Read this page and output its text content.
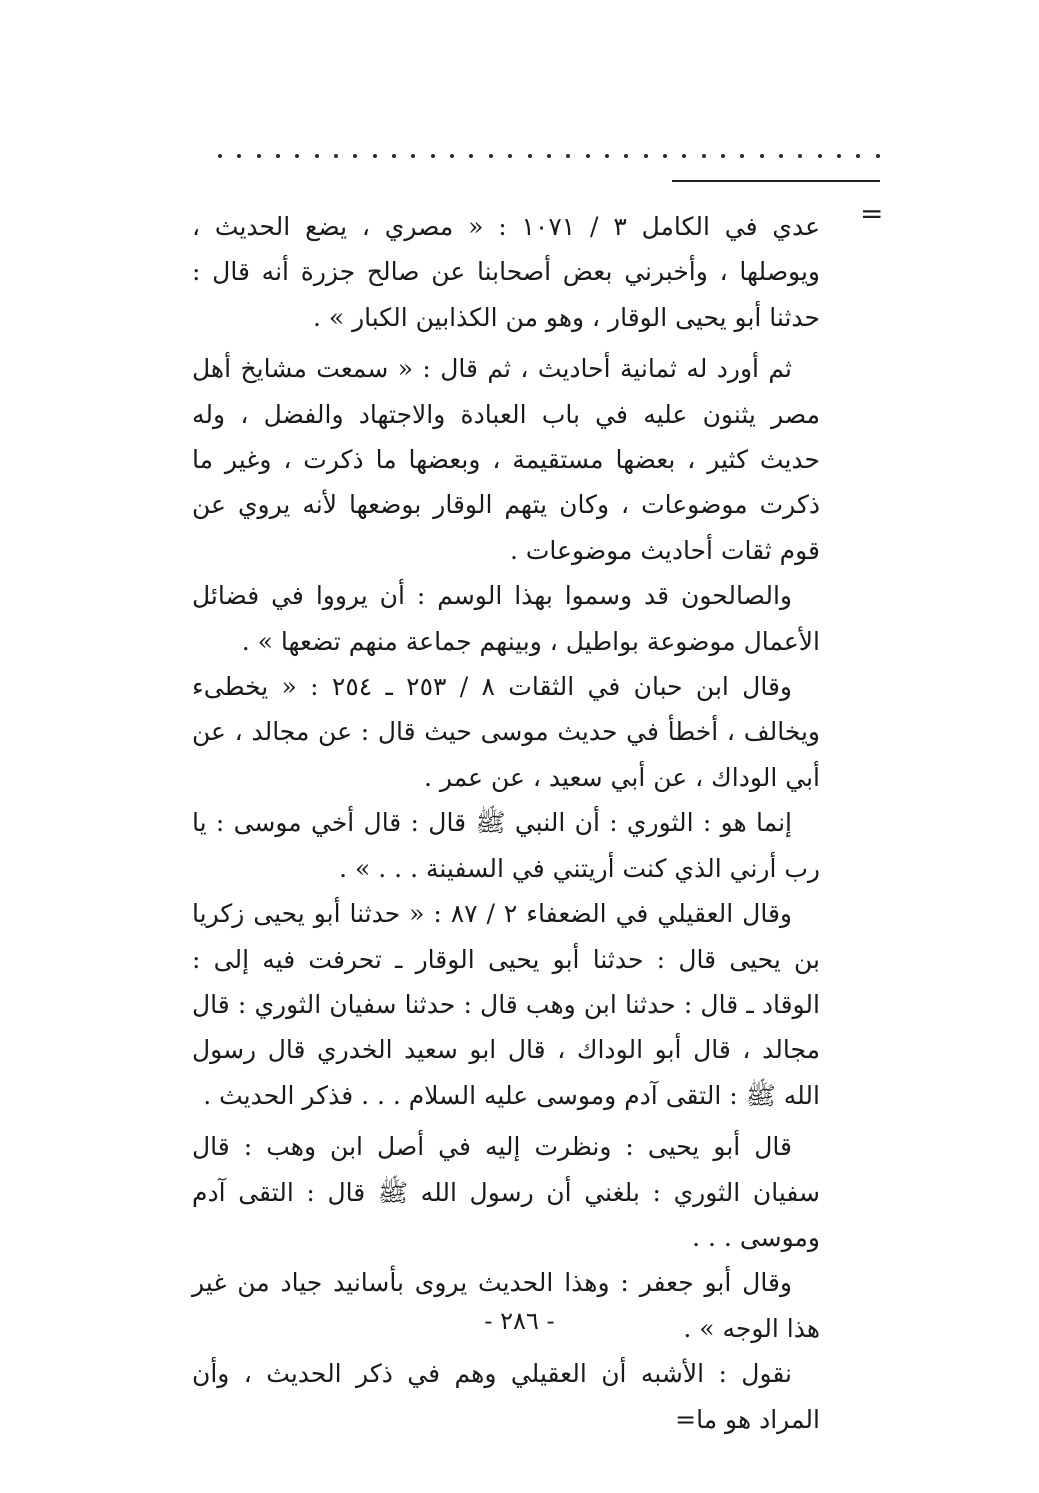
=

عدي في الكامل ٣ / ١٠٧١ : « مصري ، يضع الحديث ، ويوصلها ، وأخبرني بعض أصحابنا عن صالح جزرة أنه قال : حدثنا أبو يحيى الوقار ، وهو من الكذابين الكبار » .

ثم أورد له ثمانية أحاديث ، ثم قال : « سمعت مشايخ أهل مصر يثنون عليه في باب العبادة والاجتهاد والفضل ، وله حديث كثير ، بعضها مستقيمة ، وبعضها ما ذكرت ، وغير ما ذكرت موضوعات ، وكان يتهم الوقار بوضعها لأنه يروي عن قوم ثقات أحاديث موضوعات .

والصالحون قد وسموا بهذا الوسم : أن يرووا في فضائل الأعمال موضوعة بواطيل ، وبينهم جماعة منهم تضعها » .

وقال ابن حبان في الثقات ٨ / ٢٥٣ ـ ٢٥٤ : « يخطىء ويخالف ، أخطأ في حديث موسى حيث قال : عن مجالد ، عن أبي الوداك ، عن أبي سعيد ، عن عمر .

إنما هو : الثوري : أن النبي ﷺ قال : قال أخي موسى : يا رب أرني الذي كنت أريتني في السفينة . . . » .

وقال العقيلي في الضعفاء ٢ / ٨٧ : « حدثنا أبو يحيى زكريا بن يحيى قال : حدثنا أبو يحيى الوقار ـ تحرفت فيه إلى : الوقاد ـ قال : حدثنا ابن وهب قال : حدثنا سفيان الثوري : قال مجالد ، قال أبو الوداك ، قال ابو سعيد الخدري قال رسول الله ﷺ : التقى آدم وموسى عليه السلام . . . فذكر الحديث .

قال أبو يحيى : ونظرت إليه في أصل ابن وهب : قال سفيان الثوري : بلغني أن رسول الله ﷺ قال : التقى آدم وموسى . . .

وقال أبو جعفر : وهذا الحديث يروى بأسانيد جياد من غير هذا الوجه » .

نقول : الأشبه أن العقيلي وهم في ذكر الحديث ، وأن المراد هو ما=

- ٢٨٦ -
